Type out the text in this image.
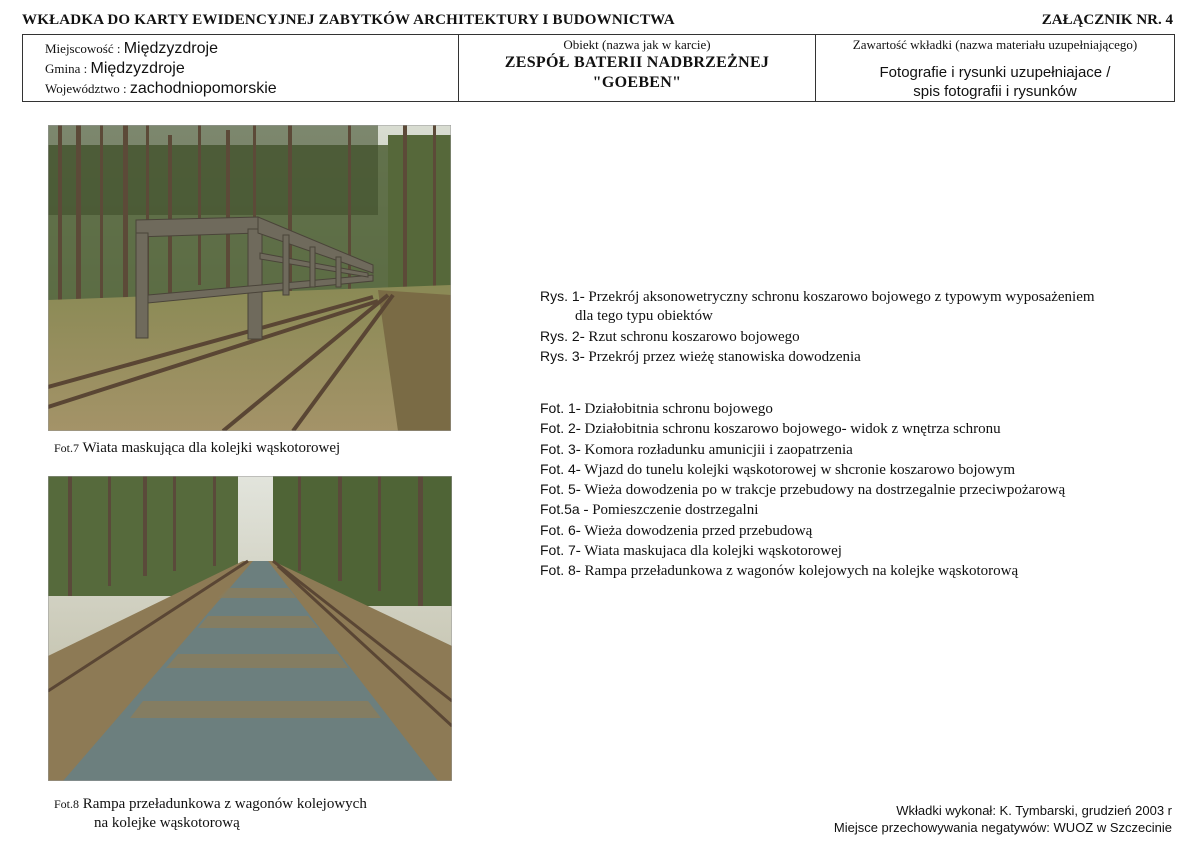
WKŁADKA DO KARTY EWIDENCYJNEJ ZABYTKÓW ARCHITEKTURY I BUDOWNICTWA	ZAŁĄCZNIK NR. 4
Miejscowość : Międzyzdroje
Gmina : Międzyzdroje
Województwo : zachodniopomorskie
Obiekt (nazwa jak w karcie)
ZESPÓŁ BATERII NADBRZEŻNEJ
"GOEBEN"
Zawartość wkładki (nazwa materiału uzupełniającego)
Fotografie i rysunki uzupełniajace /
spis fotografii i rysunków
Fot.7 Wiata maskująca dla kolejki wąskotorowej
Fot.8 Rampa przeładunkowa z wagonów kolejowych
na kolejke wąskotorową
Rys. 1- Przekrój aksonowetryczny schronu koszarowo bojowego z typowym wyposażeniem
dla tego typu obiektów
Rys. 2- Rzut schronu koszarowo bojowego
Rys. 3- Przekrój przez wieżę stanowiska dowodzenia
Fot. 1- Działobitnia schronu bojowego
Fot. 2- Działobitnia schronu koszarowo bojowego- widok z wnętrza schronu
Fot. 3- Komora rozładunku amunicjii i zaopatrzenia
Fot. 4- Wjazd do tunelu kolejki wąskotorowej w shcronie koszarowo bojowym
Fot. 5- Wieża dowodzenia po w trakcje przebudowy na dostrzegalnie przeciwpożarową
Fot.5a - Pomieszczenie dostrzegalni
Fot. 6- Wieża dowodzenia przed przebudową
Fot. 7- Wiata maskujaca dla kolejki wąskotorowej
Fot. 8- Rampa przeładunkowa z wagonów kolejowych na kolejke wąskotorową
Wkładki wykonał: K. Tymbarski, grudzień 2003 r
Miejsce przechowywania negatywów: WUOZ w Szczecinie
